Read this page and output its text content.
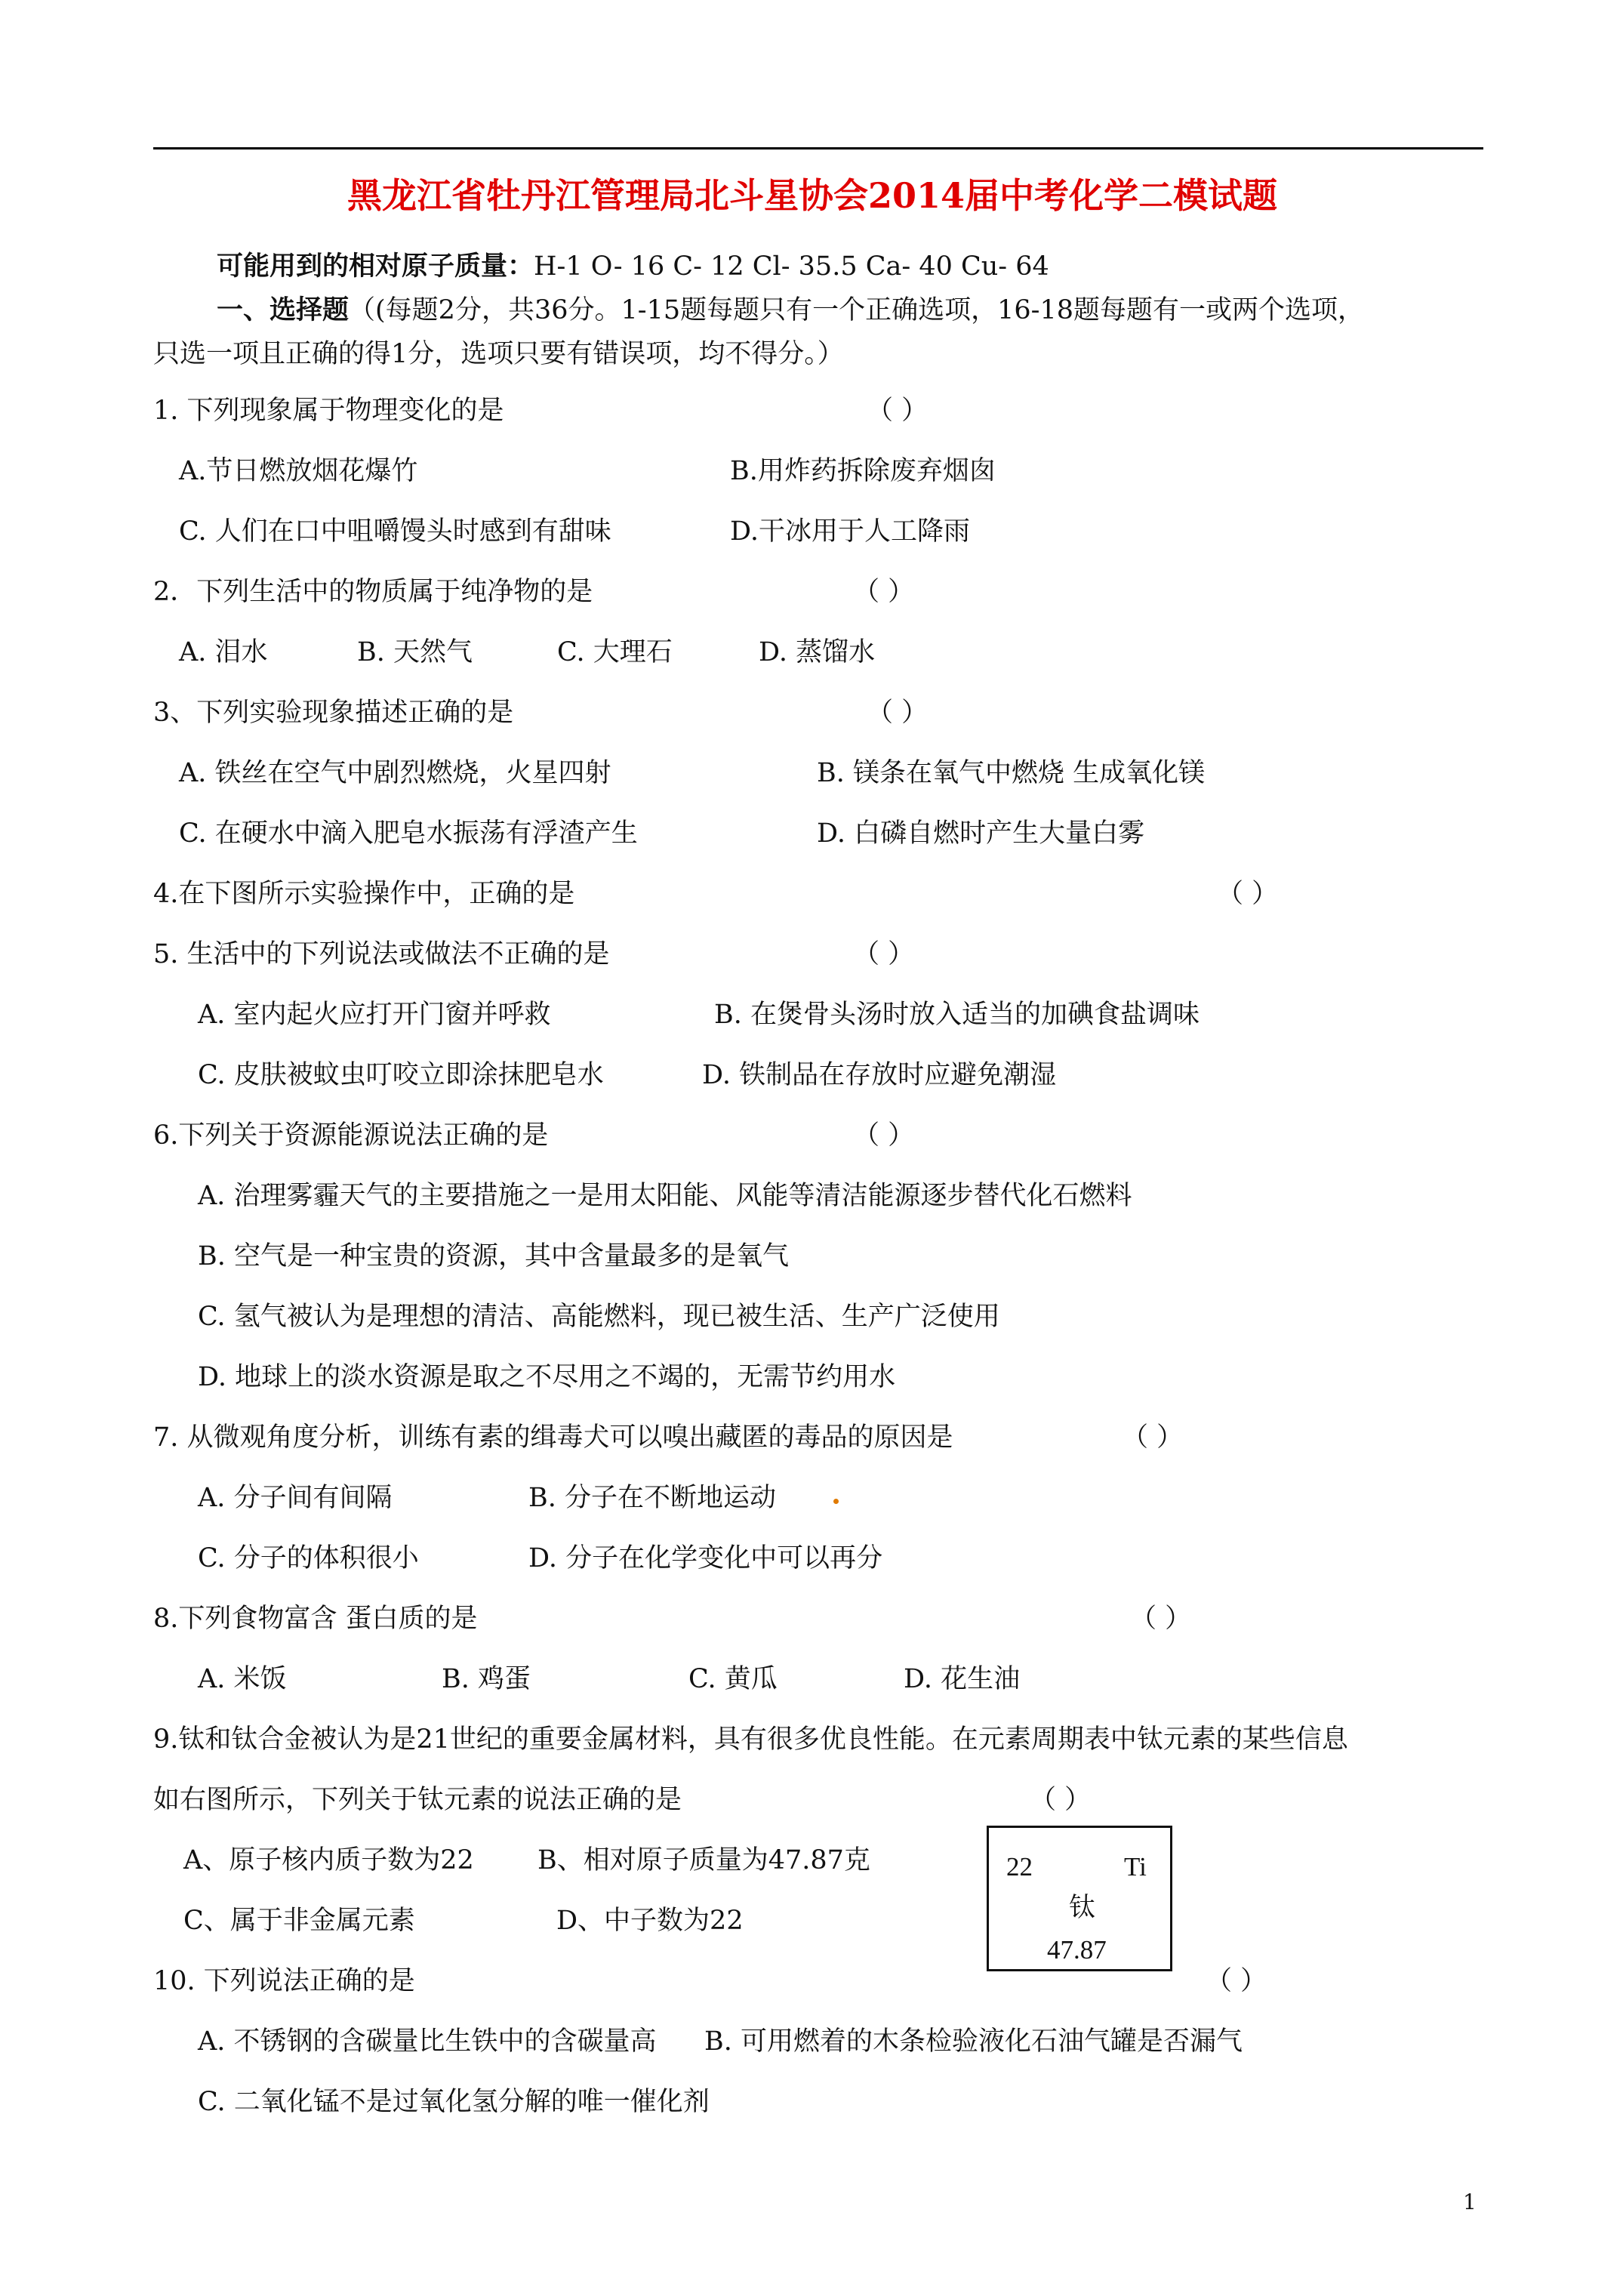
黑龙江省牡丹江管理局北斗星协会2014届中考化学二模试题
可能用到的相对原子质量：H-1 O- 16 C- 12 Cl- 35.5 Ca- 40 Cu- 64
一、选择题（(每题2分，共36分。1-15题每题只有一个正确选项，16-18题每题有一或两个选项，
只选一项且正确的得1分，选项只要有错误项，均不得分。）
1. 下列现象属于物理变化的是	（ ）
A.节日燃放烟花爆竹	B.用炸药拆除废弃烟囱
C. 人们在口中咀嚼馒头时感到有甜味	D.干冰用于人工降雨
2．下列生活中的物质属于纯净物的是	（ ）
A. 泪水	B. 天然气	C. 大理石	D. 蒸馏水
3、下列实验现象描述正确的是	（ ）
A. 铁丝在空气中剧烈燃烧，火星四射	B. 镁条在氧气中燃烧 生成氧化镁
C. 在硬水中滴入肥皂水振荡有浮渣产生	D. 白磷自燃时产生大量白雾
4.在下图所示实验操作中，正确的是	（ ）
5. 生活中的下列说法或做法不正确的是	（ ）
A. 室内起火应打开门窗并呼救	B. 在煲骨头汤时放入适当的加碘食盐调味
C. 皮肤被蚊虫叮咬立即涂抹肥皂水	D. 铁制品在存放时应避免潮湿
6.下列关于资源能源说法正确的是	（ ）
A. 治理雾霾天气的主要措施之一是用太阳能、风能等清洁能源逐步替代化石燃料
B. 空气是一种宝贵的资源，其中含量最多的是氧气
C. 氢气被认为是理想的清洁、高能燃料，现已被生活、生产广泛使用
D. 地球上的淡水资源是取之不尽用之不竭的，无需节约用水
7. 从微观角度分析，训练有素的缉毒犬可以嗅出藏匿的毒品的原因是	（ ）
A. 分子间有间隔	B. 分子在不断地运动
C. 分子的体积很小	D. 分子在化学变化中可以再分
8.下列食物富含 蛋白质的是	（ ）
A. 米饭	B. 鸡蛋	C. 黄瓜	D. 花生油
9.钛和钛合金被认为是21世纪的重要金属材料，具有很多优良性能。在元素周期表中钛元素的某些信息
如右图所示，下列关于钛元素的说法正确的是	（ ）
A、原子核内质子数为22 B、相对原子质量为47.87克
C、属于非金属元素	D、中子数为22
22	Ti
钛
47.87
10. 下列说法正确的是	（ ）
A. 不锈钢的含碳量比生铁中的含碳量高 B. 可用燃着的木条检验液化石油气罐是否漏气
C. 二氧化锰不是过氧化氢分解的唯一催化剂
1
